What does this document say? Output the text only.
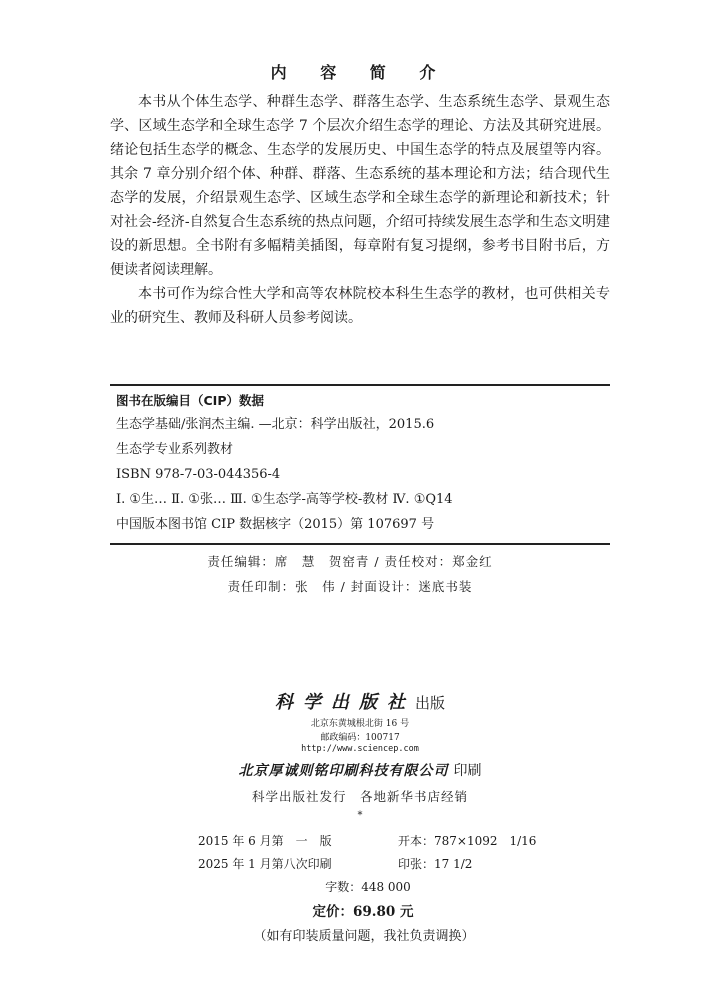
内 容 简 介

本书从个体生态学、种群生态学、群落生态学、生态系统生态学、景观生态学、区域生态学和全球生态学 7 个层次介绍生态学的理论、方法及其研究进展。绪论包括生态学的概念、生态学的发展历史、中国生态学的特点及展望等内容。其余 7 章分别介绍个体、种群、群落、生态系统的基本理论和方法；结合现代生态学的发展，介绍景观生态学、区域生态学和全球生态学的新理论和新技术；针对社会-经济-自然复合生态系统的热点问题，介绍可持续发展生态学和生态文明建设的新思想。全书附有多幅精美插图，每章附有复习提纲，参考书目附书后，方便读者阅读理解。

本书可作为综合性大学和高等农林院校本科生生态学的教材，也可供相关专业的研究生、教师及科研人员参考阅读。

图书在版编目（CIP）数据
生态学基础/张润杰主编. —北京：科学出版社，2015.6
生态学专业系列教材
ISBN 978-7-03-044356-4
Ⅰ. ①生… Ⅱ. ①张… Ⅲ. ①生态学-高等学校-教材 Ⅳ. ①Q14
中国版本图书馆 CIP 数据核字（2015）第 107697 号
责任编辑：席　慧　贺窑青 / 责任校对：郑金红
责任印制：张　伟 / 封面设计：迷底书装
科学出版社出版
北京东黄城根北街 16 号
邮政编码：100717
http://www.sciencep.com
北京厚诚则铭印刷科技有限公司 印刷
科学出版社发行　各地新华书店经销
*
2015 年 6 月第　一　版	开本：787×1092　1/16
2025 年 1 月第八次印刷	印张：17 1/2
字数：448 000
定价：69.80 元
（如有印装质量问题，我社负责调换）
